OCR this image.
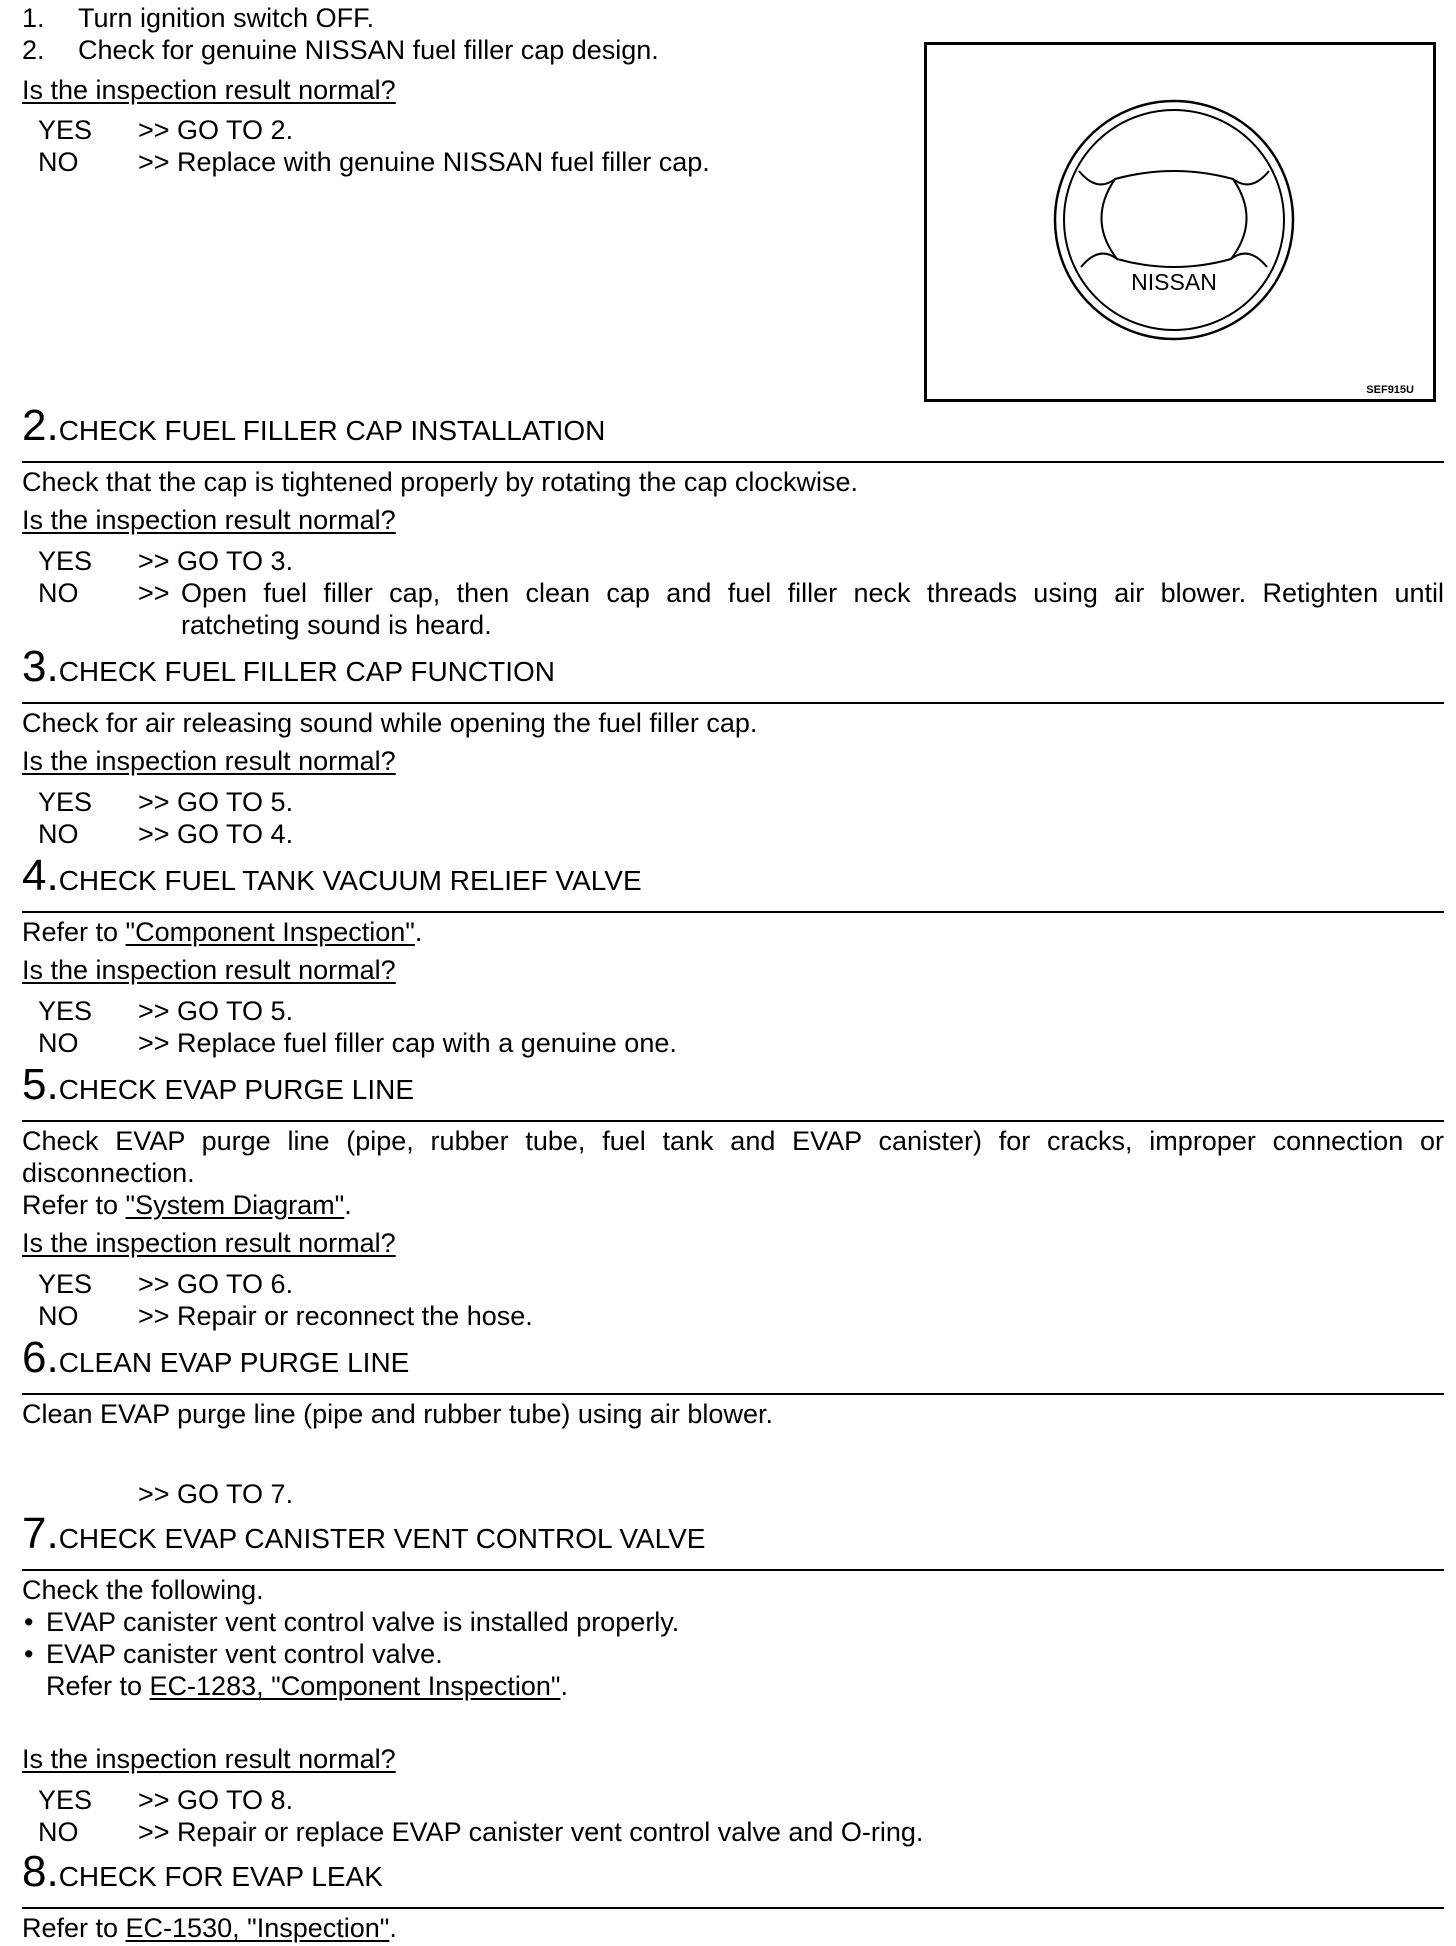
1. Turn ignition switch OFF.
2. Check for genuine NISSAN fuel filler cap design.
Is the inspection result normal?
YES >> GO TO 2.
NO >> Replace with genuine NISSAN fuel filler cap.
NISSAN
SEF915U
2.CHECK FUEL FILLER CAP INSTALLATION
Check that the cap is tightened properly by rotating the cap clockwise.
Is the inspection result normal?
YES >> GO TO 3.
NO >> Open fuel filler cap, then clean cap and fuel filler neck threads using air blower. Retighten until
ratcheting sound is heard.
3.CHECK FUEL FILLER CAP FUNCTION
Check for air releasing sound while opening the fuel filler cap.
Is the inspection result normal?
YES >> GO TO 5.
NO >> GO TO 4.
4.CHECK FUEL TANK VACUUM RELIEF VALVE
Refer to "Component Inspection".
Is the inspection result normal?
YES >> GO TO 5.
NO >> Replace fuel filler cap with a genuine one.
5.CHECK EVAP PURGE LINE
Check EVAP purge line (pipe, rubber tube, fuel tank and EVAP canister) for cracks, improper connection or
disconnection.
Refer to "System Diagram".
Is the inspection result normal?
YES >> GO TO 6.
NO >> Repair or reconnect the hose.
6.CLEAN EVAP PURGE LINE
Clean EVAP purge line (pipe and rubber tube) using air blower.
>> GO TO 7.
7.CHECK EVAP CANISTER VENT CONTROL VALVE
Check the following.
• EVAP canister vent control valve is installed properly.
• EVAP canister vent control valve.
Refer to EC-1283, "Component Inspection".
Is the inspection result normal?
YES >> GO TO 8.
NO >> Repair or replace EVAP canister vent control valve and O-ring.
8.CHECK FOR EVAP LEAK
Refer to EC-1530, "Inspection".
